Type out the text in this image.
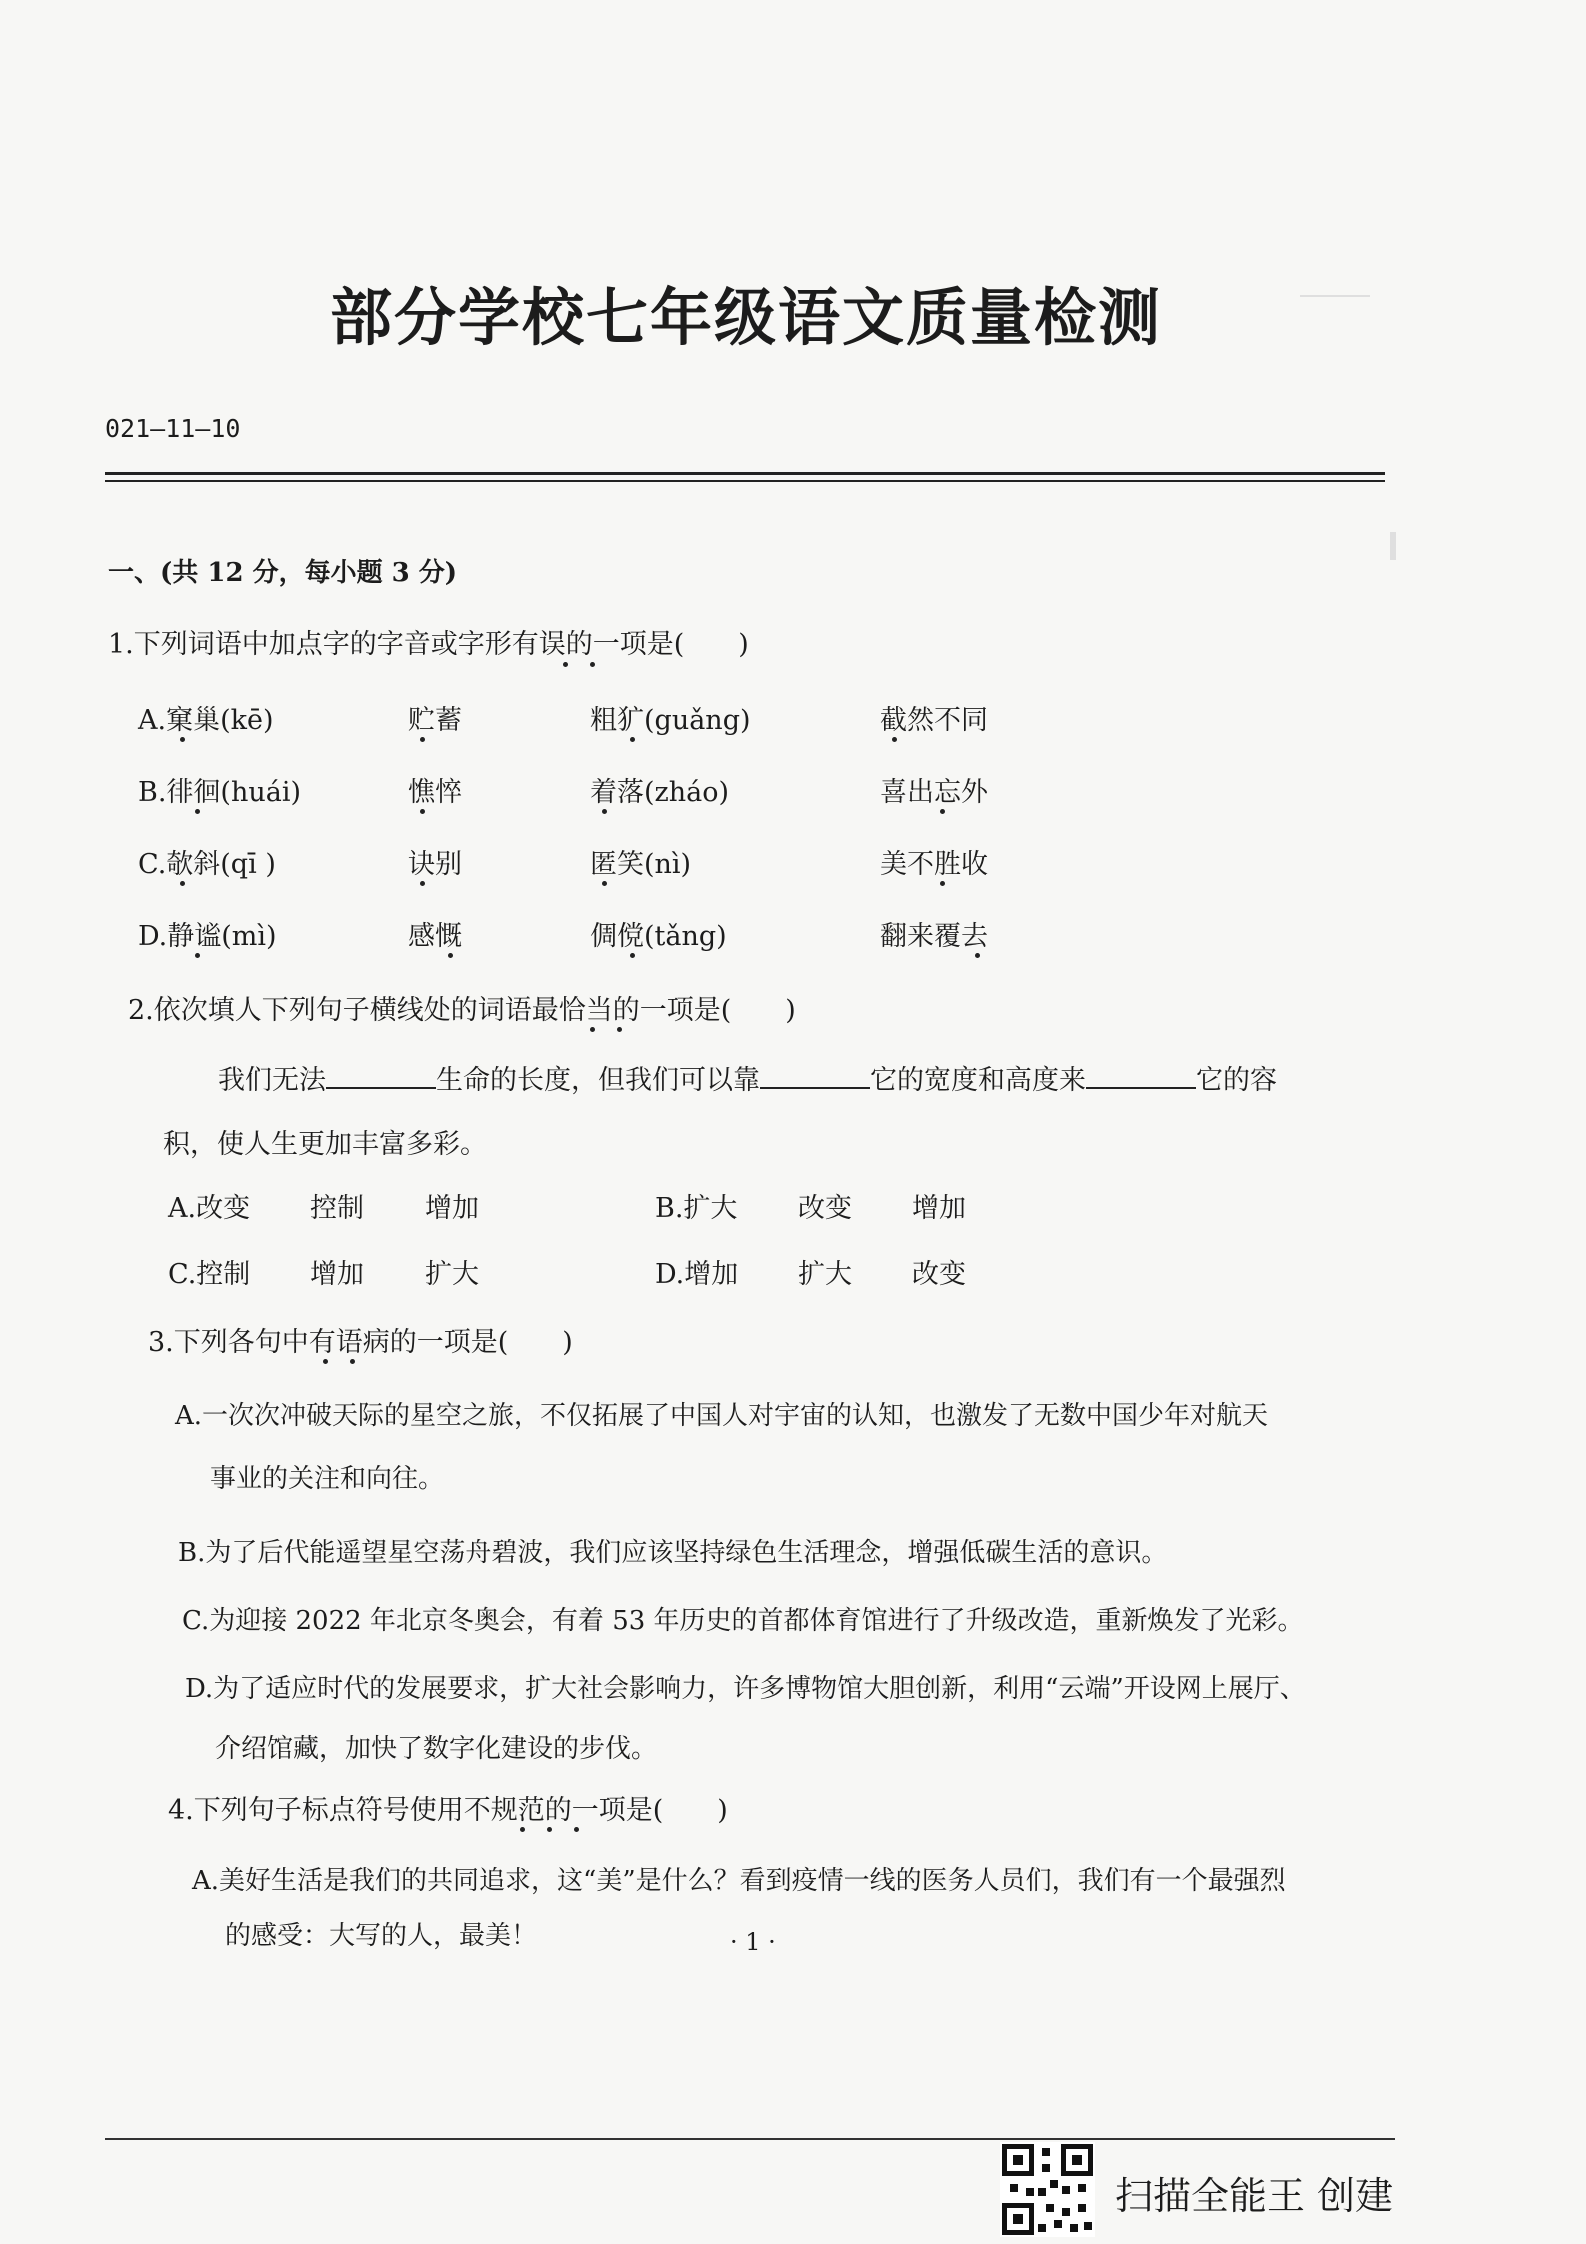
部分学校七年级语文质量检测
021—11—10
一、(共 12 分，每小题 3 分)
1.下列词语中加点字的字音或字形有误的一项是(　　)
A.窠巢(kē)	贮蓄	粗犷(guǎng)	截然不同
B.徘徊(huái)	憔悴	着落(zháo)	喜出忘外
C.欹斜(qī )	诀别	匿笑(nì)	美不胜收
D.静谧(mì)	感慨	倜傥(tǎng)	翻来覆去
2.依次填人下列句子横线处的词语最恰当的一项是(　　)
我们无法	生命的长度，但我们可以靠	它的宽度和高度来	它的容
积，使人生更加丰富多彩。
A.改变 控制 增加	B.扩大 改变 增加
C.控制 增加 扩大	D.增加 扩大 改变
3.下列各句中有语病的一项是(　　)
A.一次次冲破天际的星空之旅，不仅拓展了中国人对宇宙的认知，也激发了无数中国少年对航天
事业的关注和向往。
B.为了后代能遥望星空荡舟碧波，我们应该坚持绿色生活理念，增强低碳生活的意识。
C.为迎接 2022 年北京冬奥会，有着 53 年历史的首都体育馆进行了升级改造，重新焕发了光彩。
D.为了适应时代的发展要求，扩大社会影响力，许多博物馆大胆创新，利用“云端”开设网上展厅、
介绍馆藏，加快了数字化建设的步伐。
4.下列句子标点符号使用不规范的一项是(　　)
A.美好生活是我们的共同追求，这“美”是什么？看到疫情一线的医务人员们，我们有一个最强烈
的感受：大写的人，最美！	· 1 ·
扫描全能王 创建
